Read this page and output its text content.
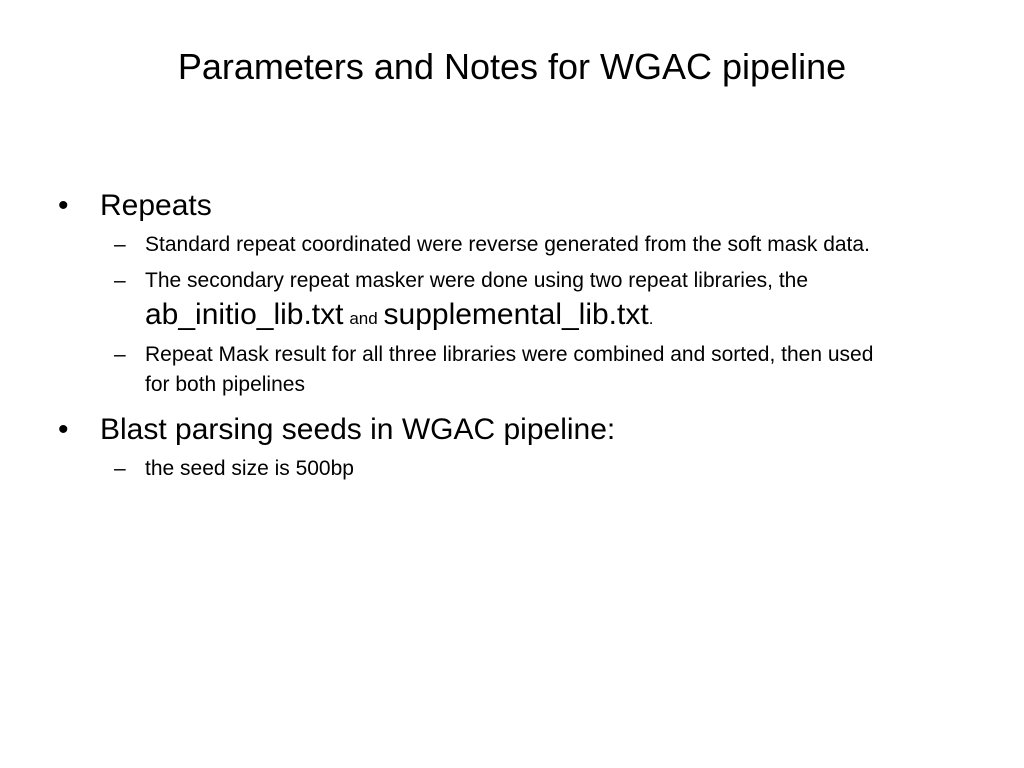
Parameters and Notes for WGAC pipeline
• Repeats
– Standard repeat coordinated were reverse generated from the soft mask data.
– The secondary repeat masker were done using two repeat libraries, the
ab_initio_lib.txt and supplemental_lib.txt.
– Repeat Mask result for all three libraries were combined and sorted, then used for both pipelines
• Blast parsing seeds in WGAC pipeline:
– the seed size is 500bp
